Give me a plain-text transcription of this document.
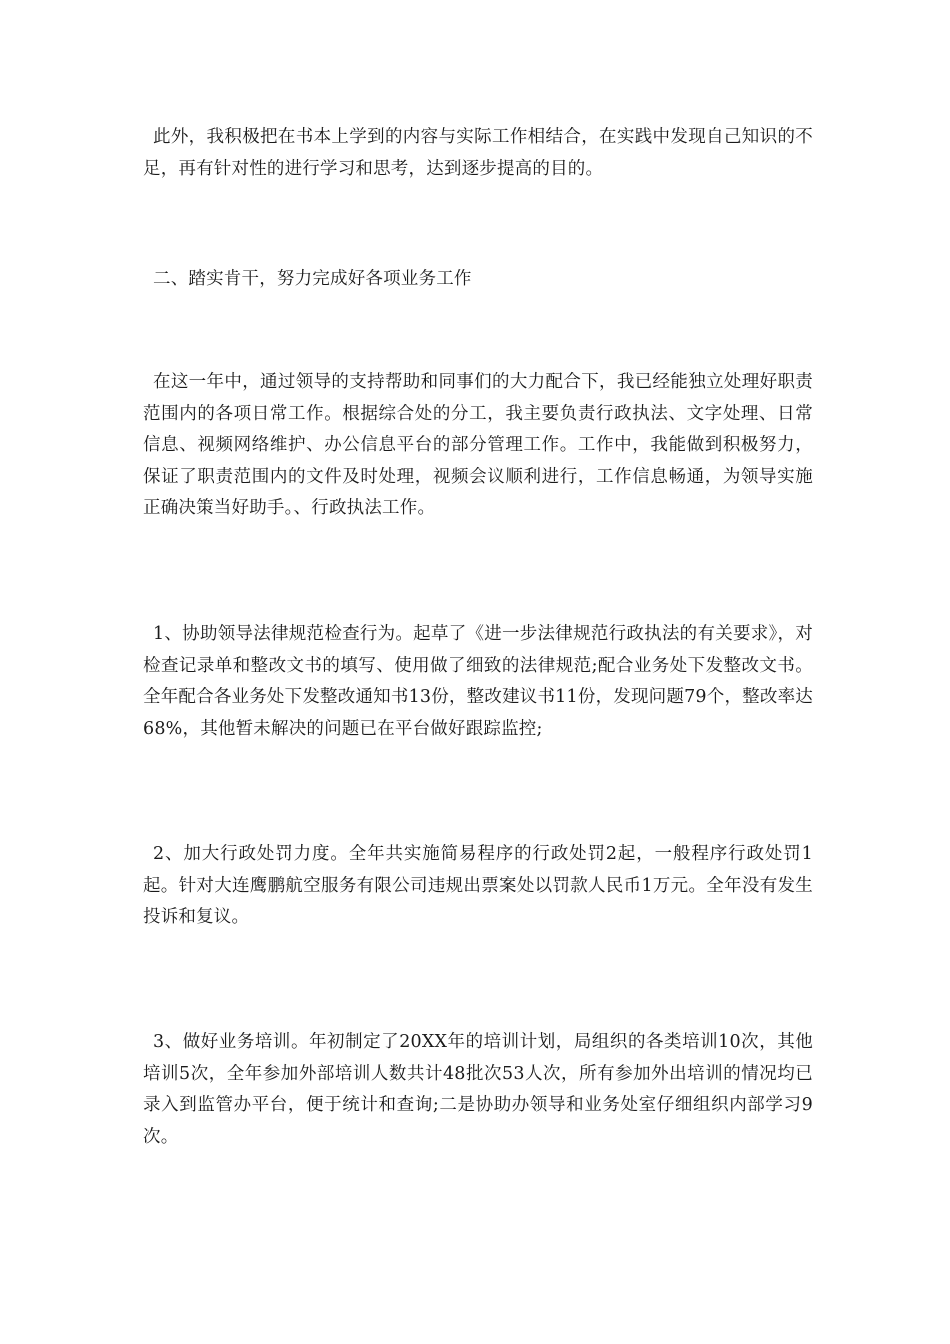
此外，我积极把在书本上学到的内容与实际工作相结合，在实践中发现自己知识的不足，再有针对性的进行学习和思考，达到逐步提高的目的。

二、踏实肯干，努力完成好各项业务工作

在这一年中，通过领导的支持帮助和同事们的大力配合下，我已经能独立处理好职责范围内的各项日常工作。根据综合处的分工，我主要负责行政执法、文字处理、日常信息、视频网络维护、办公信息平台的部分管理工作。工作中，我能做到积极努力，保证了职责范围内的文件及时处理，视频会议顺利进行，工作信息畅通，为领导实施正确决策当好助手。、行政执法工作。

1、协助领导法律规范检查行为。起草了《进一步法律规范行政执法的有关要求》，对检查记录单和整改文书的填写、使用做了细致的法律规范;配合业务处下发整改文书。全年配合各业务处下发整改通知书13份，整改建议书11份，发现问题79个，整改率达68%，其他暂未解决的问题已在平台做好跟踪监控;

2、加大行政处罚力度。全年共实施简易程序的行政处罚2起，一般程序行政处罚1起。针对大连鹰鹏航空服务有限公司违规出票案处以罚款人民币1万元。全年没有发生投诉和复议。

3、做好业务培训。年初制定了20XX年的培训计划，局组织的各类培训10次，其他培训5次，全年参加外部培训人数共计48批次53人次，所有参加外出培训的情况均已录入到监管办平台，便于统计和查询;二是协助办领导和业务处室仔细组织内部学习9次。
